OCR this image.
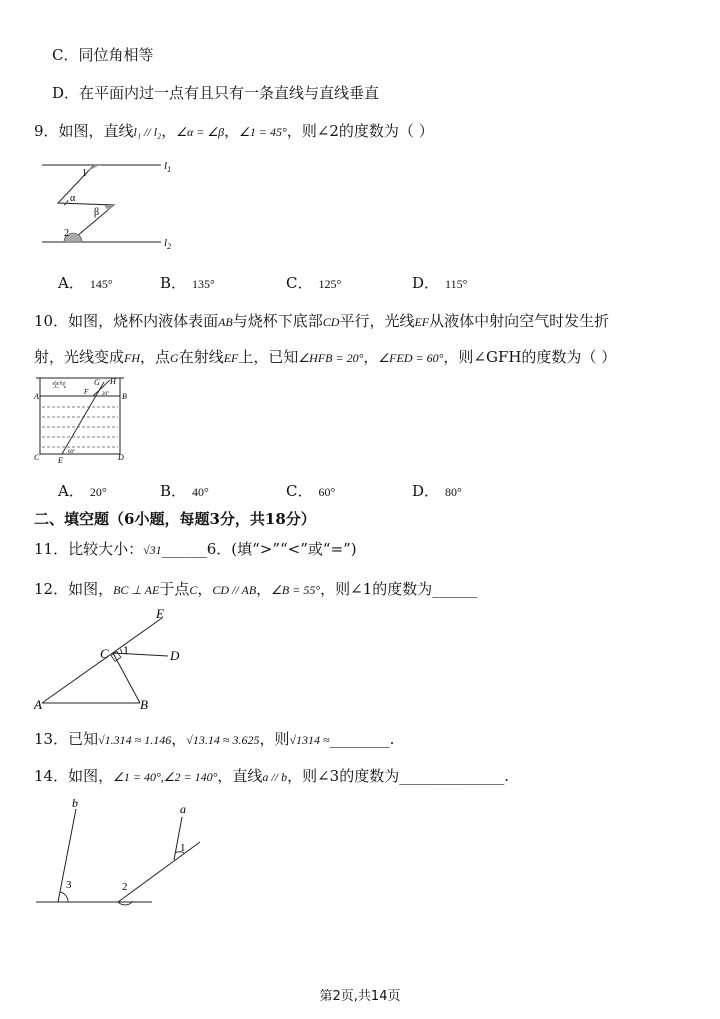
C．同位角相等
D．在平面内过一点有且只有一条直线与直线垂直
9．如图，直线l₁ // l₂，∠α = ∠β，∠1 = 45°，则∠2的度数为（ ）
$l_1$
$l_2$
1
α
β
2
A． 145°	B． 135°	C． 125°	D． 115°
10．如图，烧杯内液体表面AB与烧杯下底部CD平行，光线EF从液体中射向空气时发生折
射，光线变成FH，点G在射线EF上，已知∠HFB = 20°，∠FED = 60°，则∠GFH的度数为（ ）
空气	G H
A	B
F	20°
C E	D
60°
A． 20°	B． 40°	C． 60°	D． 80°
二、填空题（6小题，每题3分，共18分）
11．比较大小：√31______6．(填“>”“<”或“=”)
12．如图，BC ⊥ AE于点C，CD // AB，∠B = 55°，则∠1的度数为______
E
C 1	D
A	B
13．已知√1.314 ≈ 1.146，√13.14 ≈ 3.625，则√1314 ≈________.
14．如图，∠1 = 40°,∠2 = 140°，直线a // b，则∠3的度数为______________.
b	a
1
3	2
第2页,共14页
